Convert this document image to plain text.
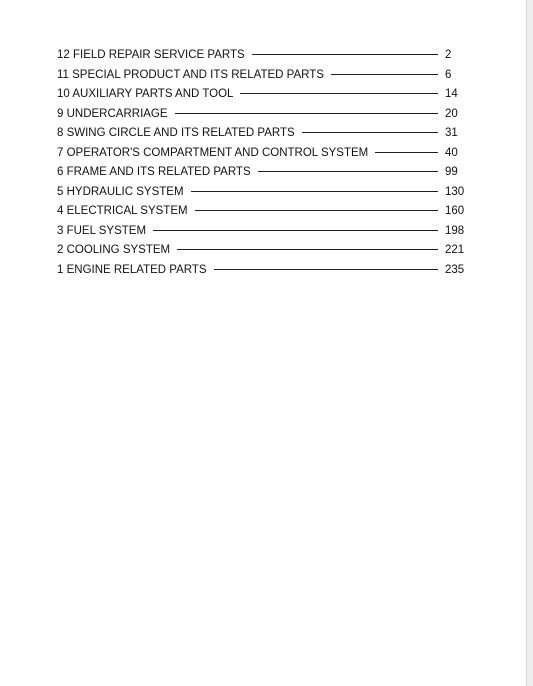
12 FIELD REPAIR SERVICE PARTS	2
11 SPECIAL PRODUCT AND ITS RELATED PARTS	6
10 AUXILIARY PARTS AND TOOL	14
9 UNDERCARRIAGE	20
8 SWING CIRCLE AND ITS RELATED PARTS	31
7 OPERATOR'S COMPARTMENT AND CONTROL SYSTEM	40
6 FRAME AND ITS RELATED PARTS	99
5 HYDRAULIC SYSTEM	130
4 ELECTRICAL SYSTEM	160
3 FUEL SYSTEM	198
2 COOLING SYSTEM	221
1 ENGINE RELATED PARTS	235
